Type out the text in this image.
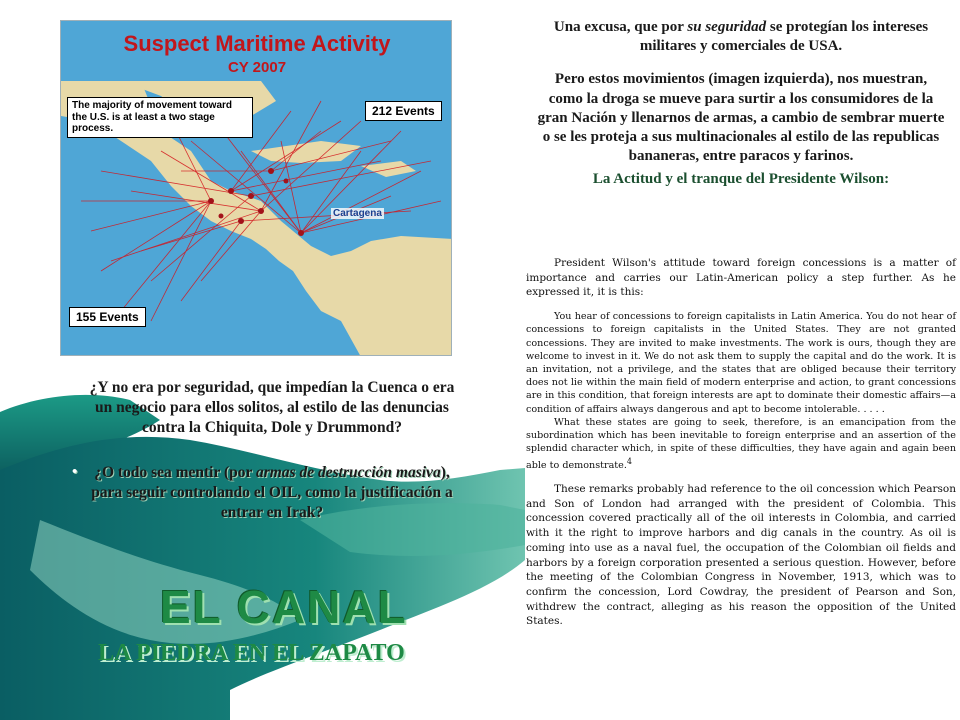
Suspect Maritime Activity
CY 2007
The majority of movement toward the U.S. is at least a two stage process.
212 Events
155 Events
Cartagena
• Una excusa, que por su seguridad se protegían los intereses militares y comerciales de USA.
• Pero estos movimientos (imagen izquierda), nos muestran, como la droga se mueve para surtir a los consumidores de la gran Nación y llenarnos de armas, a cambio de sembrar muerte o se les proteja a sus multinacionales al estilo de las republicas bananeras, entre paracos y farinos.
•	La Actitud y el tranque del Presidente Wilson:
• ¿Y no era por seguridad, que impedían la Cuenca o era un negocio para ellos solitos, al estilo de las denuncias contra la Chiquita, Dole y Drummond?
• ¿O todo sea mentir (por armas de destrucción masiva), para seguir controlando el OIL, como la justificación a entrar en Irak?
EL CANAL
LA PIEDRA EN EL ZAPATO

President Wilson's attitude toward foreign concessions is a matter of importance and carries our Latin-American policy a step further. As he expressed it, it is this:

You hear of concessions to foreign capitalists in Latin America. You do not hear of concessions to foreign capitalists in the United States. They are not granted concessions. They are invited to make investments. The work is ours, though they are welcome to invest in it. We do not ask them to supply the capital and do the work. It is an invitation, not a privilege, and the states that are obliged because their territory does not lie within the main field of modern enterprise and action, to grant concessions are in this condition, that foreign interests are apt to dominate their domestic affairs—a condition of affairs always dangerous and apt to become intolerable. . . . .

What these states are going to seek, therefore, is an emancipation from the subordination which has been inevitable to foreign enterprise and an assertion of the splendid character which, in spite of these difficulties, they have again and again been able to demonstrate.$^4$

These remarks probably had reference to the oil concession which Pearson and Son of London had arranged with the president of Colombia. This concession covered practically all of the oil interests in Colombia, and carried with it the right to improve harbors and dig canals in the country. As oil is coming into use as a naval fuel, the occupation of the Colombian oil fields and harbors by a foreign corporation presented a serious question. However, before the meeting of the Colombian Congress in November, 1913, which was to confirm the concession, Lord Cowdray, the president of Pearson and Son, withdrew the contract, alleging as his reason the opposition of the United States.
